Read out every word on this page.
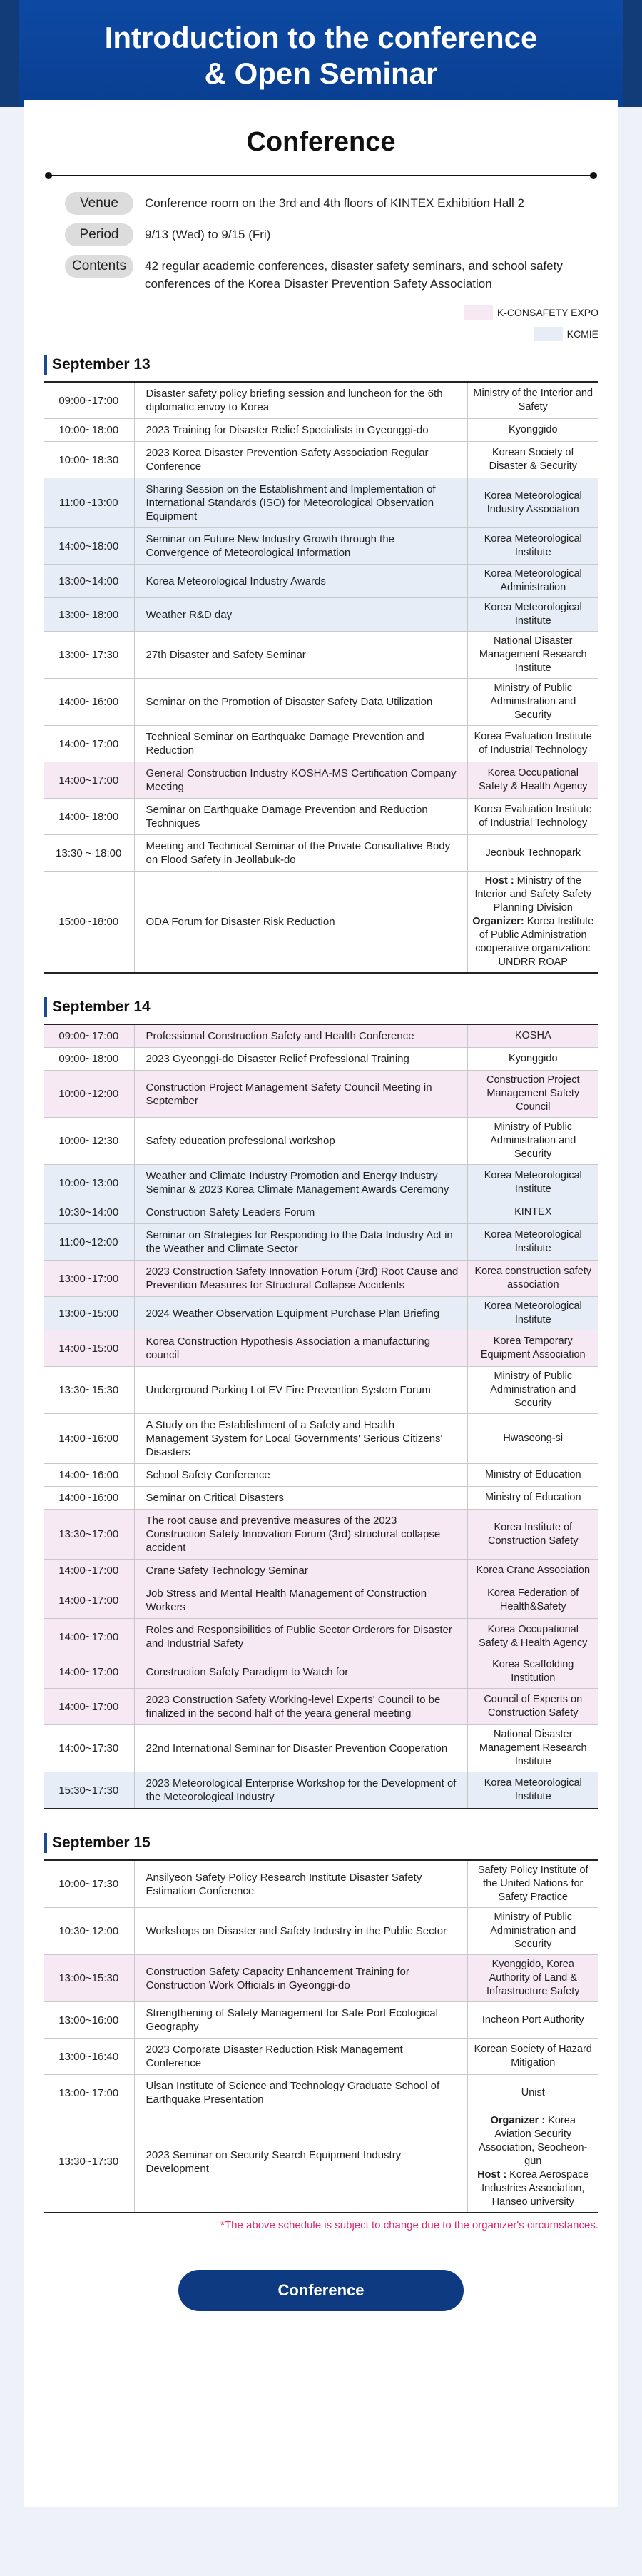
Introduction to the conference
& Open Seminar
Conference
Venue	Conference room on the 3rd and 4th floors of KINTEX Exhibition Hall 2
Period	9/13 (Wed) to 9/15 (Fri)
Contents	42 regular academic conferences, disaster safety seminars, and school safety conferences of the Korea Disaster Prevention Safety Association
K-CONSAFETY EXPO
KCMIE
September 13
09:00~17:00	Disaster safety policy briefing session and luncheon for the 6th diplomatic envoy to Korea	Ministry of the Interior and Safety
10:00~18:00	2023 Training for Disaster Relief Specialists in Gyeonggi-do	Kyonggido
10:00~18:30	2023 Korea Disaster Prevention Safety Association Regular Conference	Korean Society of Disaster & Security
11:00~13:00	Sharing Session on the Establishment and Implementation of International Standards (ISO) for Meteorological Observation Equipment	Korea Meteorological Industry Association
14:00~18:00	Seminar on Future New Industry Growth through the Convergence of Meteorological Information	Korea Meteorological Institute
13:00~14:00	Korea Meteorological Industry Awards	Korea Meteorological Administration
13:00~18:00	Weather R&D day	Korea Meteorological Institute
13:00~17:30	27th Disaster and Safety Seminar	National Disaster Management Research Institute
14:00~16:00	Seminar on the Promotion of Disaster Safety Data Utilization	Ministry of Public Administration and Security
14:00~17:00	Technical Seminar on Earthquake Damage Prevention and Reduction	Korea Evaluation Institute of Industrial Technology
14:00~17:00	General Construction Industry KOSHA-MS Certification Company Meeting	Korea Occupational Safety & Health Agency
14:00~18:00	Seminar on Earthquake Damage Prevention and Reduction Techniques	Korea Evaluation Institute of Industrial Technology
13:30 ~ 18:00	Meeting and Technical Seminar of the Private Consultative Body on Flood Safety in Jeollabuk-do	Jeonbuk Technopark
15:00~18:00	ODA Forum for Disaster Risk Reduction	Host : Ministry of the Interior and Safety Safety Planning Division
Organizer: Korea Institute of Public Administration cooperative organization: UNDRR ROAP
September 14
09:00~17:00	Professional Construction Safety and Health Conference	KOSHA
09:00~18:00	2023 Gyeonggi-do Disaster Relief Professional Training	Kyonggido
10:00~12:00	Construction Project Management Safety Council Meeting in September	Construction Project Management Safety Council
10:00~12:30	Safety education professional workshop	Ministry of Public Administration and Security
10:00~13:00	Weather and Climate Industry Promotion and Energy Industry Seminar & 2023 Korea Climate Management Awards Ceremony	Korea Meteorological Institute
10:30~14:00	Construction Safety Leaders Forum	KINTEX
11:00~12:00	Seminar on Strategies for Responding to the Data Industry Act in the Weather and Climate Sector	Korea Meteorological Institute
13:00~17:00	2023 Construction Safety Innovation Forum (3rd) Root Cause and Prevention Measures for Structural Collapse Accidents	Korea construction safety association
13:00~15:00	2024 Weather Observation Equipment Purchase Plan Briefing	Korea Meteorological Institute
14:00~15:00	Korea Construction Hypothesis Association a manufacturing council	Korea Temporary Equipment Association
13:30~15:30	Underground Parking Lot EV Fire Prevention System Forum	Ministry of Public Administration and Security
14:00~16:00	A Study on the Establishment of a Safety and Health Management System for Local Governments' Serious Citizens' Disasters	Hwaseong-si
14:00~16:00	School Safety Conference	Ministry of Education
14:00~16:00	Seminar on Critical Disasters	Ministry of Education
13:30~17:00	The root cause and preventive measures of the 2023 Construction Safety Innovation Forum (3rd) structural collapse accident	Korea Institute of Construction Safety
14:00~17:00	Crane Safety Technology Seminar	Korea Crane Association
14:00~17:00	Job Stress and Mental Health Management of Construction Workers	Korea Federation of Health&Safety
14:00~17:00	Roles and Responsibilities of Public Sector Orderors for Disaster and Industrial Safety	Korea Occupational Safety & Health Agency
14:00~17:00	Construction Safety Paradigm to Watch for	Korea Scaffolding Institution
14:00~17:00	2023 Construction Safety Working-level Experts' Council to be finalized in the second half of the yeara general meeting	Council of Experts on Construction Safety
14:00~17:30	22nd International Seminar for Disaster Prevention Cooperation	National Disaster Management Research Institute
15:30~17:30	2023 Meteorological Enterprise Workshop for the Development of the Meteorological Industry	Korea Meteorological Institute
September 15
10:00~17:30	Ansilyeon Safety Policy Research Institute Disaster Safety Estimation Conference	Safety Policy Institute of the United Nations for Safety Practice
10:30~12:00	Workshops on Disaster and Safety Industry in the Public Sector	Ministry of Public Administration and Security
13:00~15:30	Construction Safety Capacity Enhancement Training for Construction Work Officials in Gyeonggi-do	Kyonggido, Korea Authority of Land & Infrastructure Safety
13:00~16:00	Strengthening of Safety Management for Safe Port Ecological Geography	Incheon Port Authority
13:00~16:40	2023 Corporate Disaster Reduction Risk Management Conference	Korean Society of Hazard Mitigation
13:00~17:00	Ulsan Institute of Science and Technology Graduate School of Earthquake Presentation	Unist
13:30~17:30	2023 Seminar on Security Search Equipment Industry Development	Organizer : Korea Aviation Security Association, Seocheon-gun
Host : Korea Aerospace Industries Association, Hanseo university
*The above schedule is subject to change due to the organizer's circumstances.
Conference
